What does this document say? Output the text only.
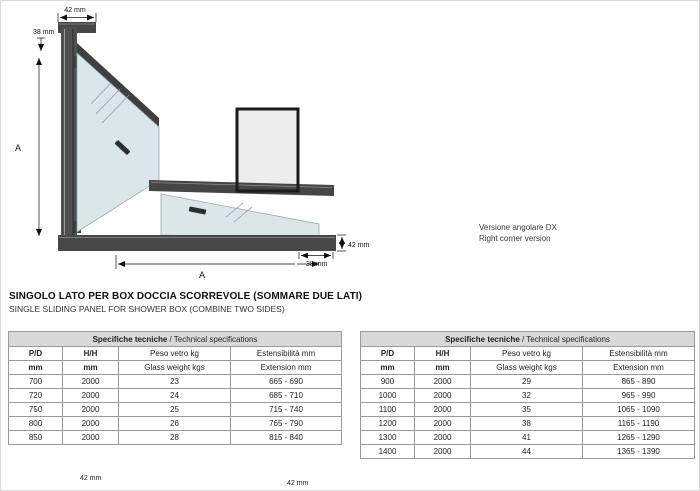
42 mm
38 mm
A
42 mm
38 mm
A
Versione angolare DX
Right corner version
SINGOLO LATO PER BOX DOCCIA SCORREVOLE (SOMMARE DUE LATI)
SINGLE SLIDING PANEL FOR SHOWER BOX (COMBINE TWO SIDES)
Specifiche tecniche / Technical specifications			
P/D	H/H	Peso vetro kg	Estensibilità mm
mm	mm	Glass weight kgs	Extension mm
700	2000	23	665 - 690
720	2000	24	685 - 710
750	2000	25	715 - 740
800	2000	26	765 - 790
850	2000	28	815 - 840
Specifiche tecniche / Technical specifications			
P/D	H/H	Peso vetro kg	Estensibilità mm
mm	mm	Glass weight kgs	Extension mm
900	2000	29	865 - 890
1000	2000	32	965 - 990
1100	2000	35	1065 - 1090
1200	2000	38	1165 - 1190
1300	2000	41	1265 - 1290
1400	2000	44	1365 - 1390
42 mm
42 mm
